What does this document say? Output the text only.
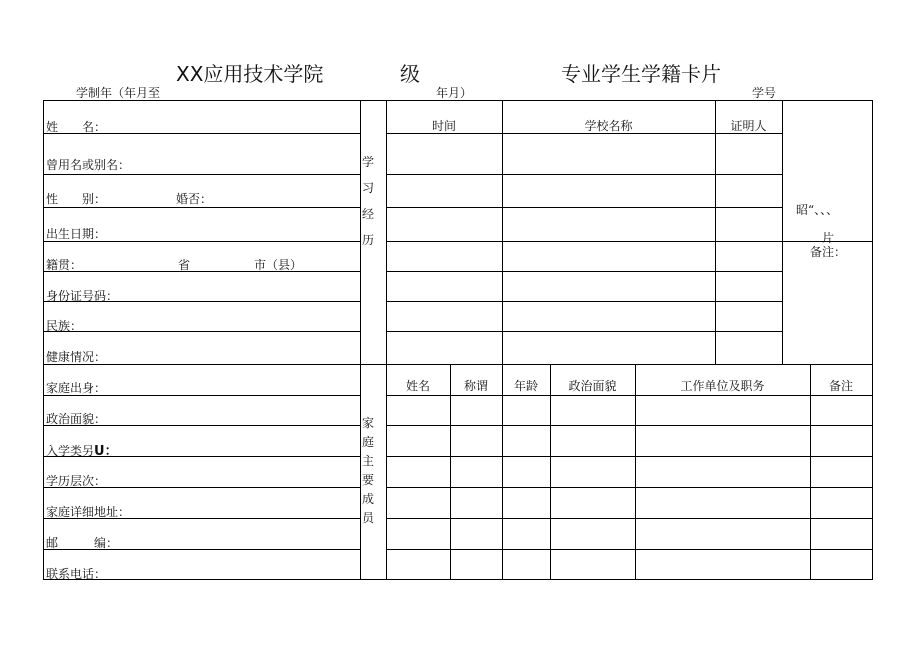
XX应用技术学院	级	专业学生学籍卡片
学制年（年月至	年月）	学号
姓　　名：
曾用名或别名：
性　　别：	婚否：
出生日期：
籍贯：	省	市（县）
身份证号码：
民族：
健康情况：
家庭出身：
政治面貌：
入学类另U：
学历层次：
家庭详细地址：
邮　　　编：
联系电话：
学
习
经
历
时间	学校名称	证明人
昭“、、、
片
备注：
家
庭
主
要
成
员
姓名	称谓	年龄	政治面貌	工作单位及职务	备注
